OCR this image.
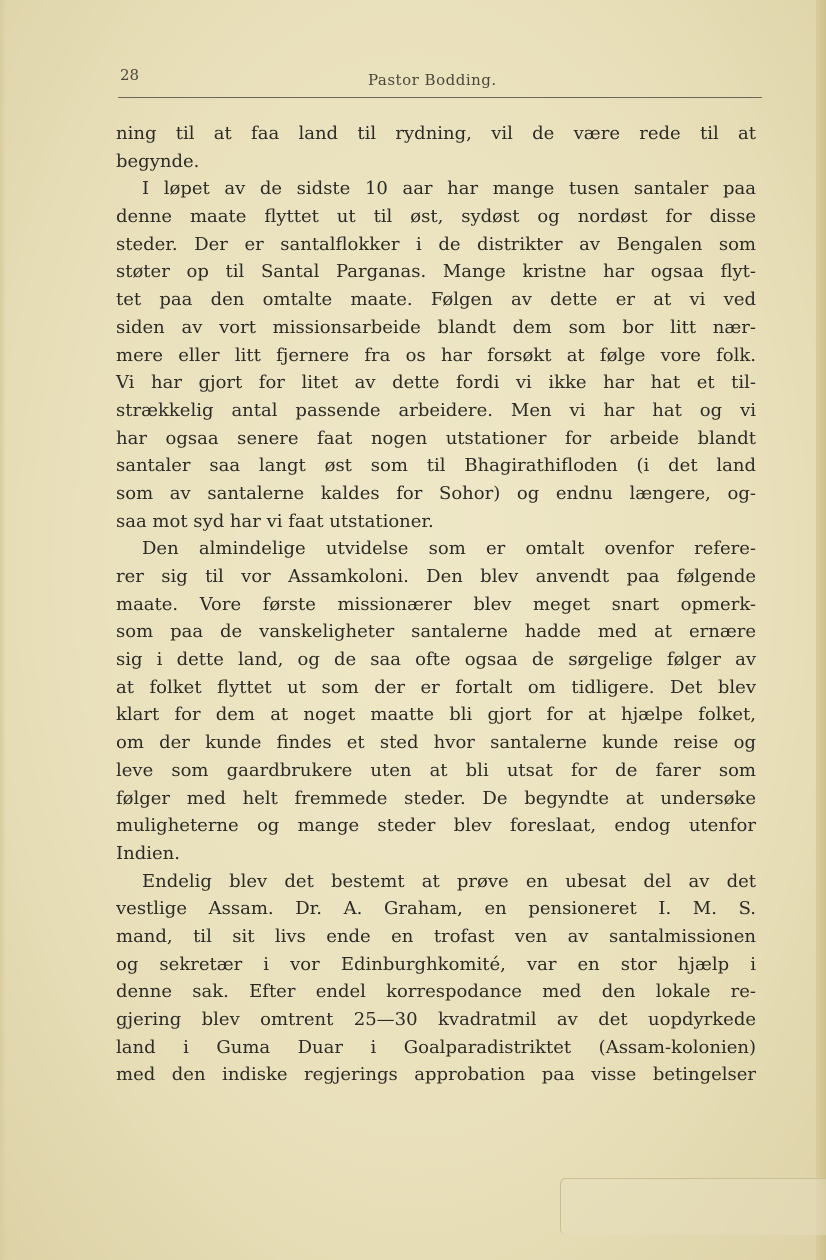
28	Pastor Bodding.
ning til at faa land til rydning, vil de være rede til at
begynde.
I løpet av de sidste 10 aar har mange tusen santaler paa
denne maate flyttet ut til øst, sydøst og nordøst for disse
steder. Der er santalflokker i de distrikter av Bengalen som
støter op til Santal Parganas. Mange kristne har ogsaa flyt-
tet paa den omtalte maate. Følgen av dette er at vi ved
siden av vort missionsarbeide blandt dem som bor litt nær-
mere eller litt fjernere fra os har forsøkt at følge vore folk.
Vi har gjort for litet av dette fordi vi ikke har hat et til-
strækkelig antal passende arbeidere. Men vi har hat og vi
har ogsaa senere faat nogen utstationer for arbeide blandt
santaler saa langt øst som til Bhagirathifloden (i det land
som av santalerne kaldes for Sohor) og endnu længere, og-
saa mot syd har vi faat utstationer.
Den almindelige utvidelse som er omtalt ovenfor refere-
rer sig til vor Assamkoloni. Den blev anvendt paa følgende
maate. Vore første missionærer blev meget snart opmerk-
som paa de vanskeligheter santalerne hadde med at ernære
sig i dette land, og de saa ofte ogsaa de sørgelige følger av
at folket flyttet ut som der er fortalt om tidligere. Det blev
klart for dem at noget maatte bli gjort for at hjælpe folket,
om der kunde findes et sted hvor santalerne kunde reise og
leve som gaardbrukere uten at bli utsat for de farer som
følger med helt fremmede steder. De begyndte at undersøke
muligheterne og mange steder blev foreslaat, endog utenfor
Indien.
Endelig blev det bestemt at prøve en ubesat del av det
vestlige Assam. Dr. A. Graham, en pensioneret I. M. S.
mand, til sit livs ende en trofast ven av santalmissionen
og sekretær i vor Edinburghkomité, var en stor hjælp i
denne sak. Efter endel korrespodance med den lokale re-
gjering blev omtrent 25—30 kvadratmil av det uopdyrkede
land i Guma Duar i Goalparadistriktet (Assam-kolonien)
med den indiske regjerings approbation paa visse betingelser
